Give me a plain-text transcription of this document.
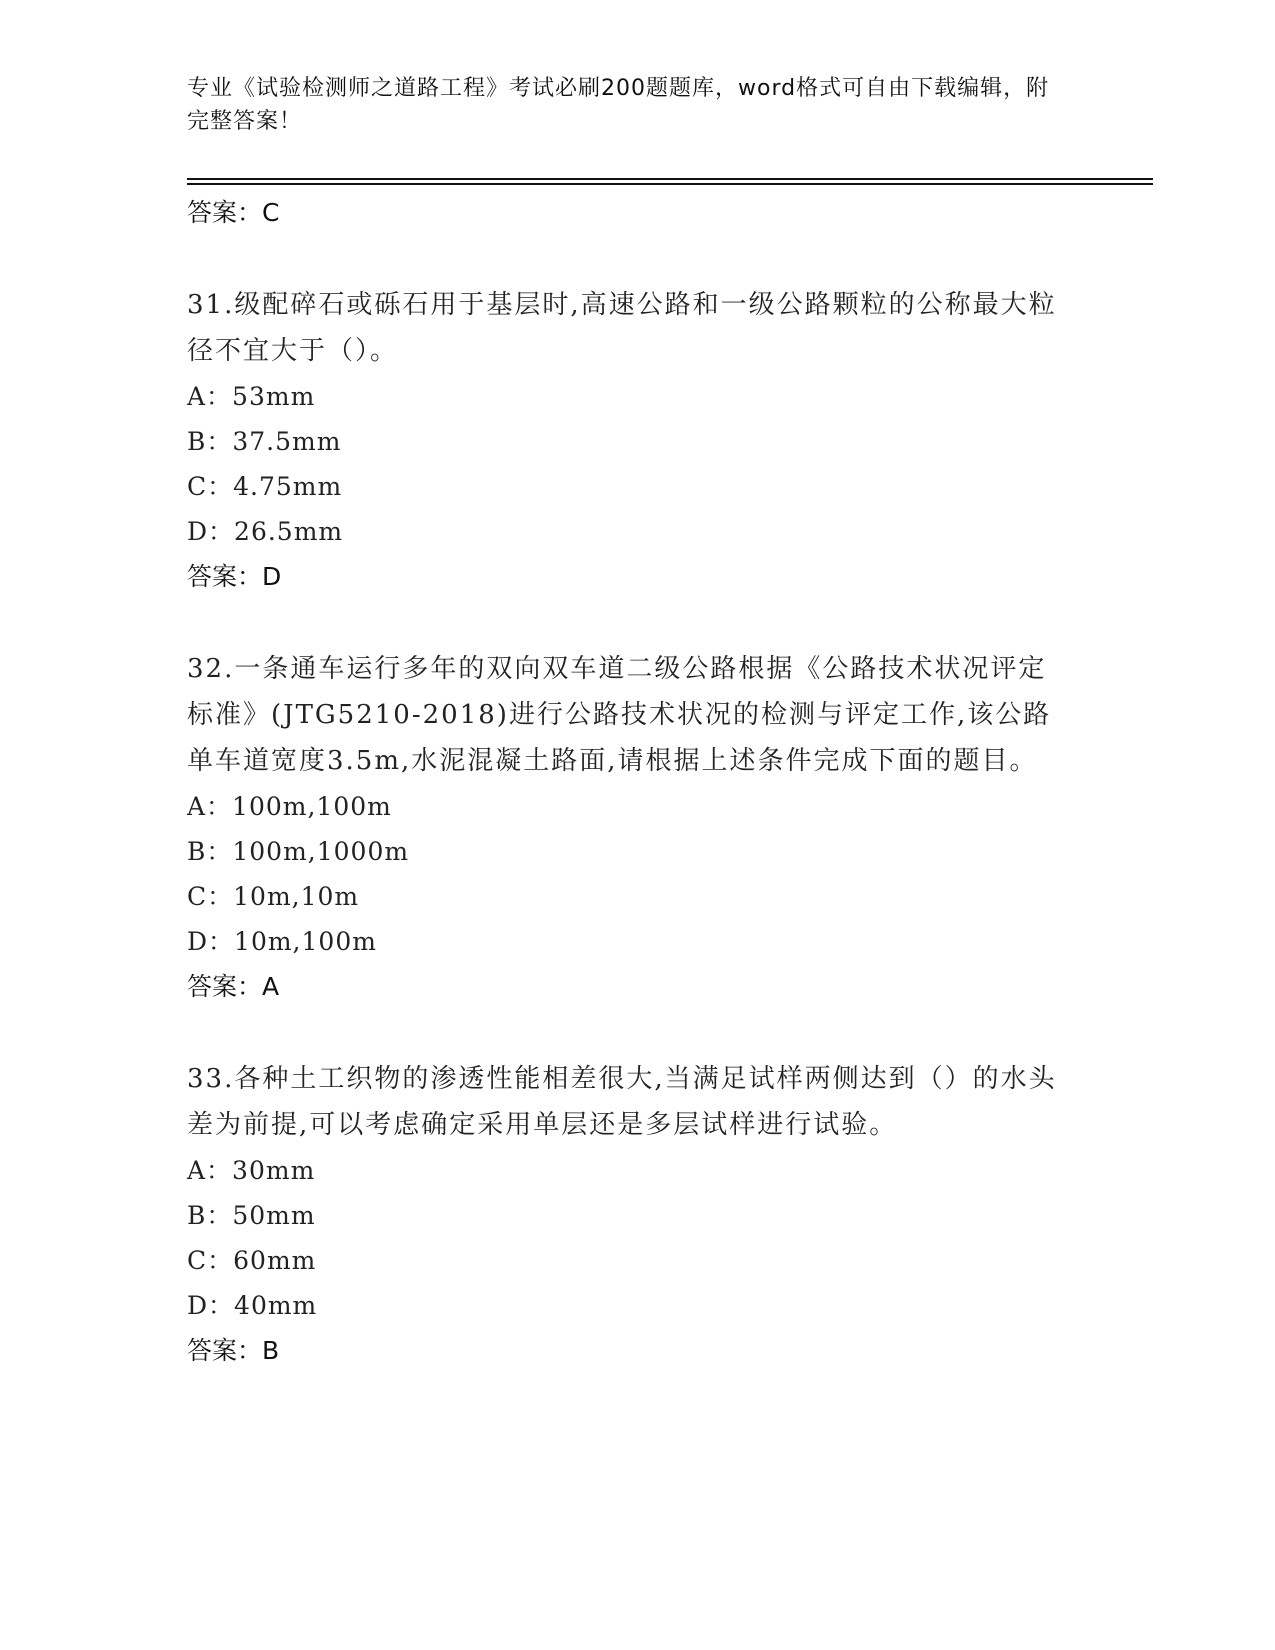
专业《试验检测师之道路工程》考试必刷200题题库，word格式可自由下载编辑，附完整答案！
答案：C
31.级配碎石或砾石用于基层时,高速公路和一级公路颗粒的公称最大粒径不宜大于（）。
A：53mm
B：37.5mm
C：4.75mm
D：26.5mm
答案：D
32.一条通车运行多年的双向双车道二级公路根据《公路技术状况评定标准》(JTG5210-2018)进行公路技术状况的检测与评定工作,该公路单车道宽度3.5m,水泥混凝土路面,请根据上述条件完成下面的题目。
A：100m,100m
B：100m,1000m
C：10m,10m
D：10m,100m
答案：A
33.各种土工织物的渗透性能相差很大,当满足试样两侧达到（）的水头差为前提,可以考虑确定采用单层还是多层试样进行试验。
A：30mm
B：50mm
C：60mm
D：40mm
答案：B
